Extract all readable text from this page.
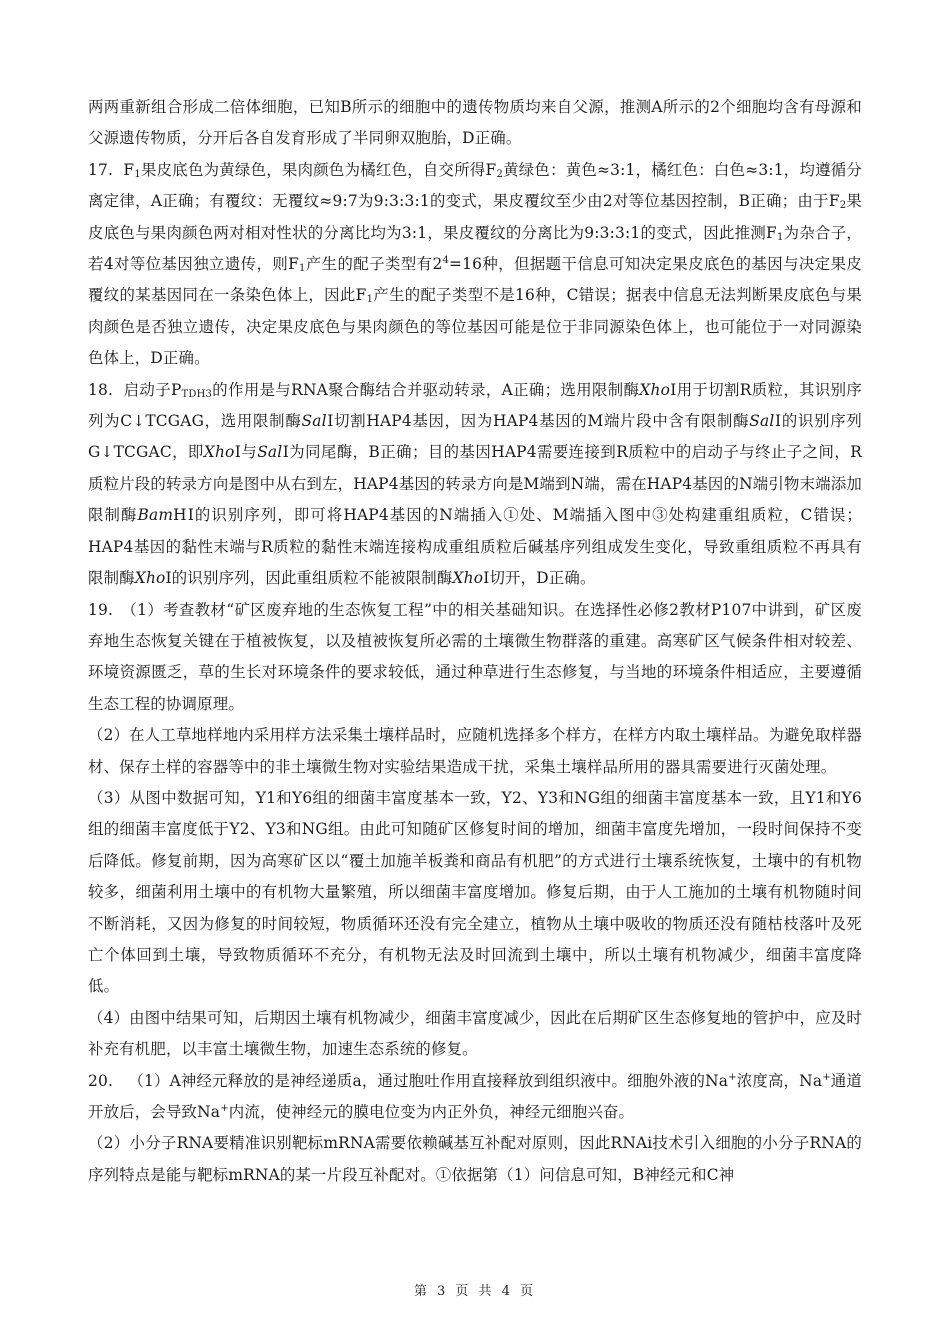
两两重新组合形成二倍体细胞，已知B所示的细胞中的遗传物质均来自父源，推测A所示的2个细胞均含有母源和父源遗传物质，分开后各自发育形成了半同卵双胞胎，D正确。

17. $F_1$果皮底色为黄绿色，果肉颜色为橘红色，自交所得$F_2$黄绿色：黄色≈3:1，橘红色：白色≈3:1，均遵循分离定律，A正确；有覆纹：无覆纹≈9:7为9:3:3:1的变式，果皮覆纹至少由2对等位基因控制，B正确；由于$F_2$果皮底色与果肉颜色两对相对性状的分离比均为3:1，果皮覆纹的分离比为9:3:3:1的变式，因此推测$F_1$为杂合子，若4对等位基因独立遗传，则$F_1$产生的配子类型有$2^4=16$种，但据题干信息可知决定果皮底色的基因与决定果皮覆纹的某基因同在一条染色体上，因此$F_1$产生的配子类型不是16种，C错误；据表中信息无法判断果皮底色与果肉颜色是否独立遗传，决定果皮底色与果肉颜色的等位基因可能是位于非同源染色体上，也可能位于一对同源染色体上，D正确。

18. 启动子$P_{TDH3}$的作用是与RNA聚合酶结合并驱动转录，A正确；选用限制酶XhoⅠ用于切割R质粒，其识别序列为C↓TCGAG，选用限制酶SalⅠ切割HAP4基因，因为HAP4基因的M端片段中含有限制酶SalⅠ的识别序列G↓TCGAC，即XhoⅠ与SalⅠ为同尾酶，B正确；目的基因HAP4需要连接到R质粒中的启动子与终止子之间，R质粒片段的转录方向是图中从右到左，HAP4基因的转录方向是M端到N端，需在HAP4基因的N端引物末端添加限制酶BamHⅠ的识别序列，即可将HAP4基因的N端插入①处、M端插入图中③处构建重组质粒，C错误；HAP4基因的黏性末端与R质粒的黏性末端连接构成重组质粒后碱基序列组成发生变化，导致重组质粒不再具有限制酶XhoⅠ的识别序列，因此重组质粒不能被限制酶XhoⅠ切开，D正确。

19.　（1）考查教材“矿区废弃地的生态恢复工程”中的相关基础知识。在选择性必修2教材P107中讲到，矿区废弃地生态恢复关键在于植被恢复，以及植被恢复所必需的土壤微生物群落的重建。高寒矿区气候条件相对较差、环境资源匮乏，草的生长对环境条件的要求较低，通过种草进行生态修复，与当地的环境条件相适应，主要遵循生态工程的协调原理。

（2）在人工草地样地内采用样方法采集土壤样品时，应随机选择多个样方，在样方内取土壤样品。为避免取样器材、保存土样的容器等中的非土壤微生物对实验结果造成干扰，采集土壤样品所用的器具需要进行灭菌处理。

（3）从图中数据可知，Y1和Y6组的细菌丰富度基本一致，Y2、Y3和NG组的细菌丰富度基本一致，且Y1和Y6组的细菌丰富度低于Y2、Y3和NG组。由此可知随矿区修复时间的增加，细菌丰富度先增加，一段时间保持不变后降低。修复前期，因为高寒矿区以“覆土加施羊板粪和商品有机肥”的方式进行土壤系统恢复，土壤中的有机物较多，细菌利用土壤中的有机物大量繁殖，所以细菌丰富度增加。修复后期，由于人工施加的土壤有机物随时间不断消耗，又因为修复的时间较短，物质循环还没有完全建立，植物从土壤中吸收的物质还没有随枯枝落叶及死亡个体回到土壤，导致物质循环不充分，有机物无法及时回流到土壤中，所以土壤有机物减少，细菌丰富度降低。

（4）由图中结果可知，后期因土壤有机物减少，细菌丰富度减少，因此在后期矿区生态修复地的管护中，应及时补充有机肥，以丰富土壤微生物，加速生态系统的修复。

20. （1）A神经元释放的是神经递质a，通过胞吐作用直接释放到组织液中。细胞外液的Na+浓度高，Na+通道开放后，会导致Na+内流，使神经元的膜电位变为内正外负，神经元细胞兴奋。

（2）小分子RNA要精准识别靶标mRNA需要依赖碱基互补配对原则，因此RNAi技术引入细胞的小分子RNA的序列特点是能与靶标mRNA的某一片段互补配对。①依据第（1）问信息可知，B神经元和C神

第 3 页 共 4 页
